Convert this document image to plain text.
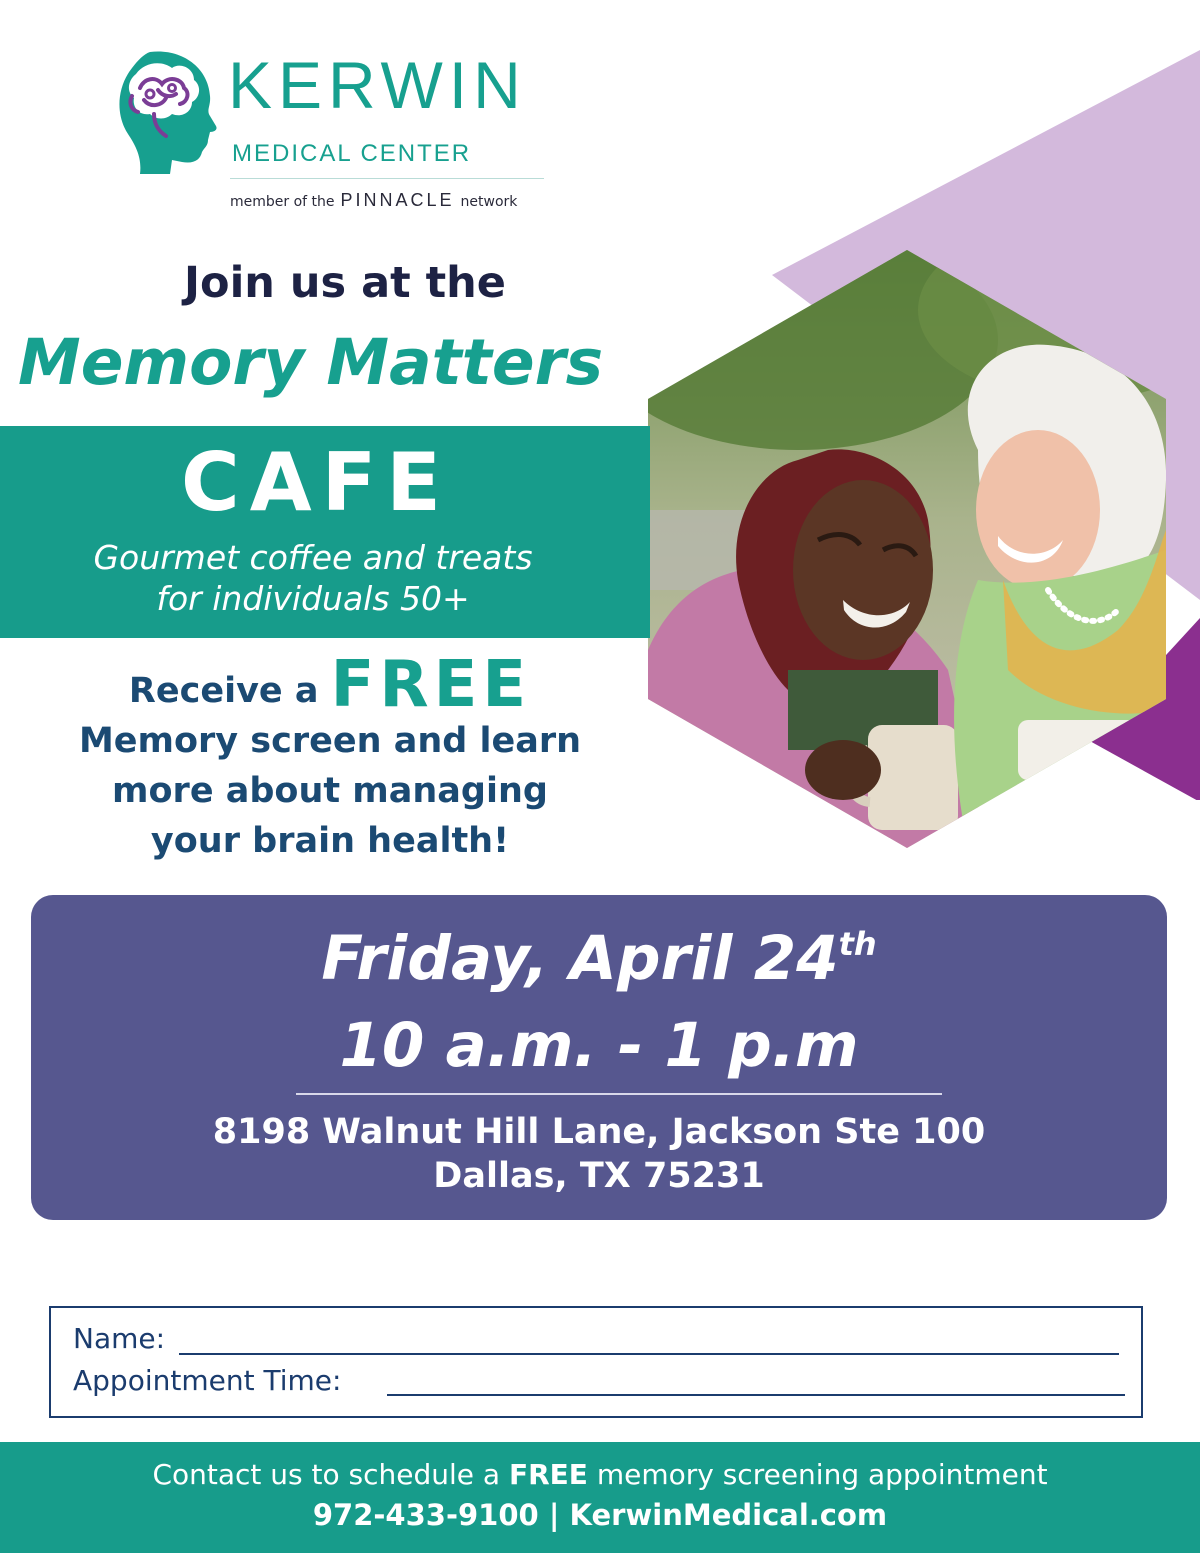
KERWIN
MEDICAL CENTER
member of the PINNACLE network
Join us at the
Memory Matters
CAFE
Gourmet coffee and treats
for individuals 50+
Receive a FREE
Memory screen and learn
more about managing
your brain health!
Friday, April 24th
10 a.m. - 1 p.m
8198 Walnut Hill Lane, Jackson Ste 100
Dallas, TX 75231
Name:
Appointment Time:
Contact us to schedule a FREE memory screening appointment
972-433-9100 | KerwinMedical.com
